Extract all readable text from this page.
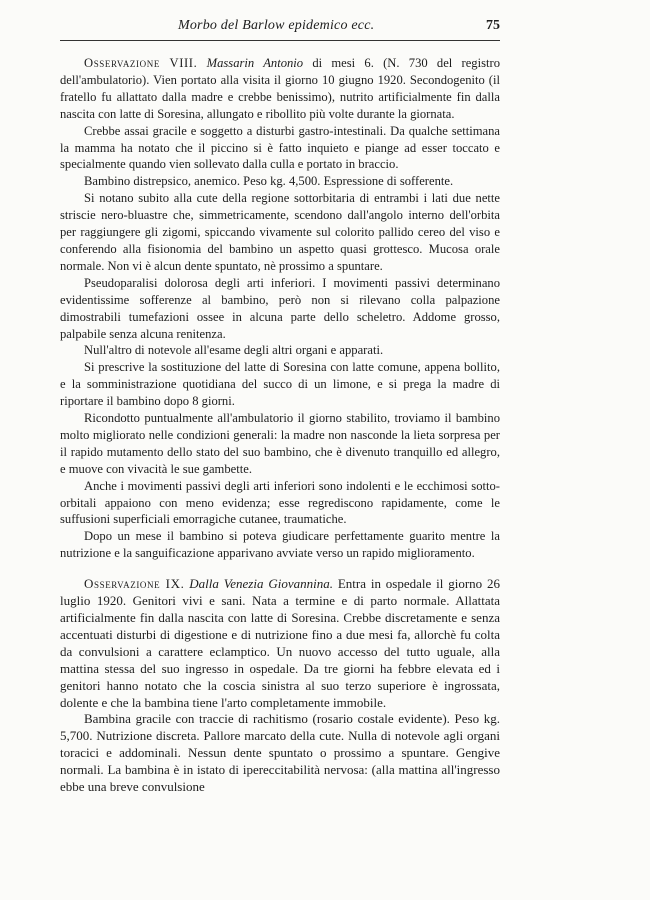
Morbo del Barlow epidemico ecc.	75

Osservazione VIII. Massarin Antonio di mesi 6. (N. 730 del registro dell'ambulatorio). Vien portato alla visita il giorno 10 giugno 1920. Secondogenito (il fratello fu allattato dalla madre e crebbe benissimo), nutrito artificialmente fin dalla nascita con latte di Soresina, allungato e ribollito più volte durante la giornata.

Crebbe assai gracile e soggetto a disturbi gastro-intestinali. Da qualche settimana la mamma ha notato che il piccino si è fatto inquieto e piange ad esser toccato e specialmente quando vien sollevato dalla culla e portato in braccio.

Bambino distrepsico, anemico. Peso kg. 4,500. Espressione di sofferente.

Si notano subito alla cute della regione sottorbitaria di entrambi i lati due nette striscie nero-bluastre che, simmetricamente, scendono dall'angolo interno dell'orbita per raggiungere gli zigomi, spiccando vivamente sul colorito pallido cereo del viso e conferendo alla fisionomia del bambino un aspetto quasi grottesco. Mucosa orale normale. Non vi è alcun dente spuntato, nè prossimo a spuntare.

Pseudoparalisi dolorosa degli arti inferiori. I movimenti passivi determinano evidentissime sofferenze al bambino, però non si rilevano colla palpazione dimostrabili tumefazioni ossee in alcuna parte dello scheletro. Addome grosso, palpabile senza alcuna renitenza.

Null'altro di notevole all'esame degli altri organi e apparati.

Si prescrive la sostituzione del latte di Soresina con latte comune, appena bollito, e la somministrazione quotidiana del succo di un limone, e si prega la madre di riportare il bambino dopo 8 giorni.

Ricondotto puntualmente all'ambulatorio il giorno stabilito, troviamo il bambino molto migliorato nelle condizioni generali: la madre non nasconde la lieta sorpresa per il rapido mutamento dello stato del suo bambino, che è divenuto tranquillo ed allegro, e muove con vivacità le sue gambette.

Anche i movimenti passivi degli arti inferiori sono indolenti e le ecchimosi sotto-orbitali appaiono con meno evidenza; esse regrediscono rapidamente, come le suffusioni superficiali emorragiche cutanee, traumatiche.

Dopo un mese il bambino si poteva giudicare perfettamente guarito mentre la nutrizione e la sanguificazione apparivano avviate verso un rapido miglioramento.

Osservazione IX. Dalla Venezia Giovannina. Entra in ospedale il giorno 26 luglio 1920. Genitori vivi e sani. Nata a termine e di parto normale. Allattata artificialmente fin dalla nascita con latte di Soresina. Crebbe discretamente e senza accentuati disturbi di digestione e di nutrizione fino a due mesi fa, allorchè fu colta da convulsioni a carattere eclamptico. Un nuovo accesso del tutto uguale, alla mattina stessa del suo ingresso in ospedale. Da tre giorni ha febbre elevata ed i genitori hanno notato che la coscia sinistra al suo terzo superiore è ingrossata, dolente e che la bambina tiene l'arto completamente immobile.

Bambina gracile con traccie di rachitismo (rosario costale evidente). Peso kg. 5,700. Nutrizione discreta. Pallore marcato della cute. Nulla di notevole agli organi toracici e addominali. Nessun dente spuntato o prossimo a spuntare. Gengive normali. La bambina è in istato di ipereccitabilità nervosa: (alla mattina all'ingresso ebbe una breve convulsione
